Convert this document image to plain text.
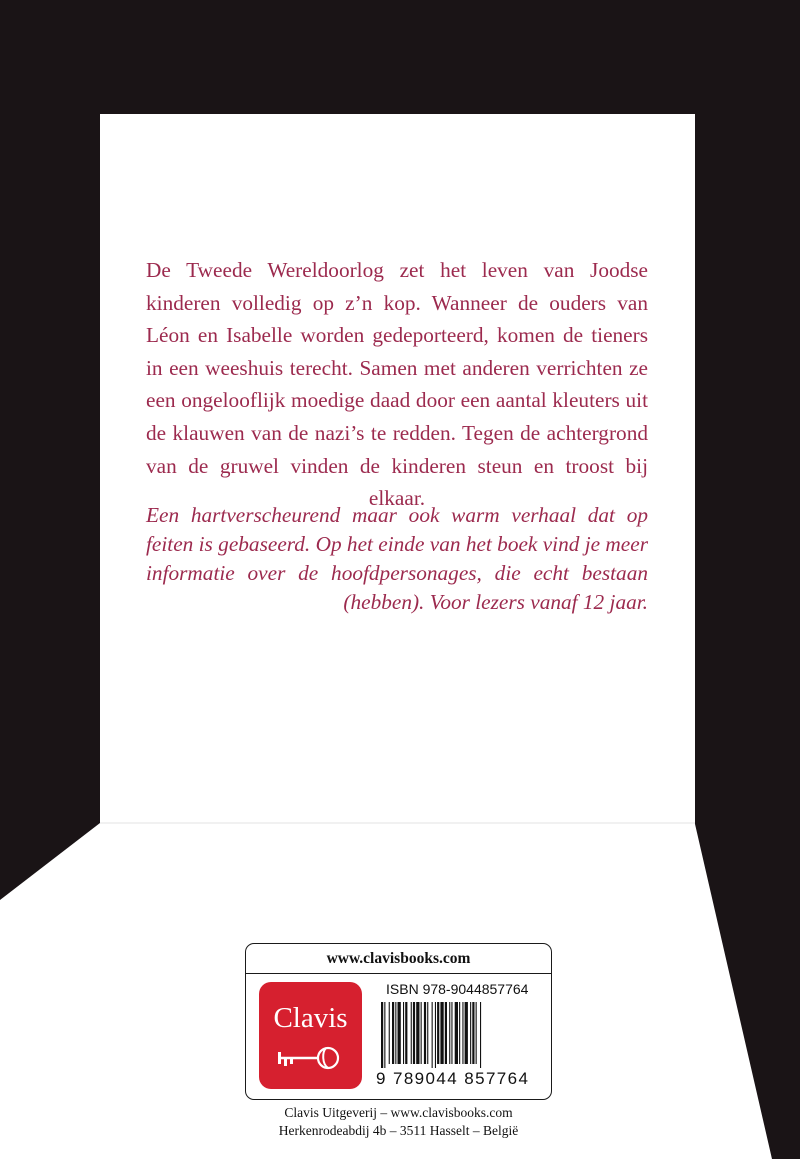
De Tweede Wereldoorlog zet het leven van Joodse kinderen volledig op z’n kop. Wanneer de ouders van Léon en Isabelle worden gedeporteerd, komen de tieners in een weeshuis terecht. Samen met anderen verrichten ze een ongelooflijk moedige daad door een aantal kleuters uit de klauwen van de nazi’s te redden. Tegen de achtergrond van de gruwel vinden de kinderen steun en troost bij elkaar.

Een hartverscheurend maar ook warm verhaal dat op feiten is gebaseerd. Op het einde van het boek vind je meer informatie over de hoofdpersonages, die echt bestaan (hebben). Voor lezers vanaf 12 jaar.

www.clavisbooks.com
Clavis
ISBN 978-9044857764
9 789044 857764
Clavis Uitgeverij – www.clavisbooks.com
Herkenrodeabdij 4b – 3511 Hasselt – België
